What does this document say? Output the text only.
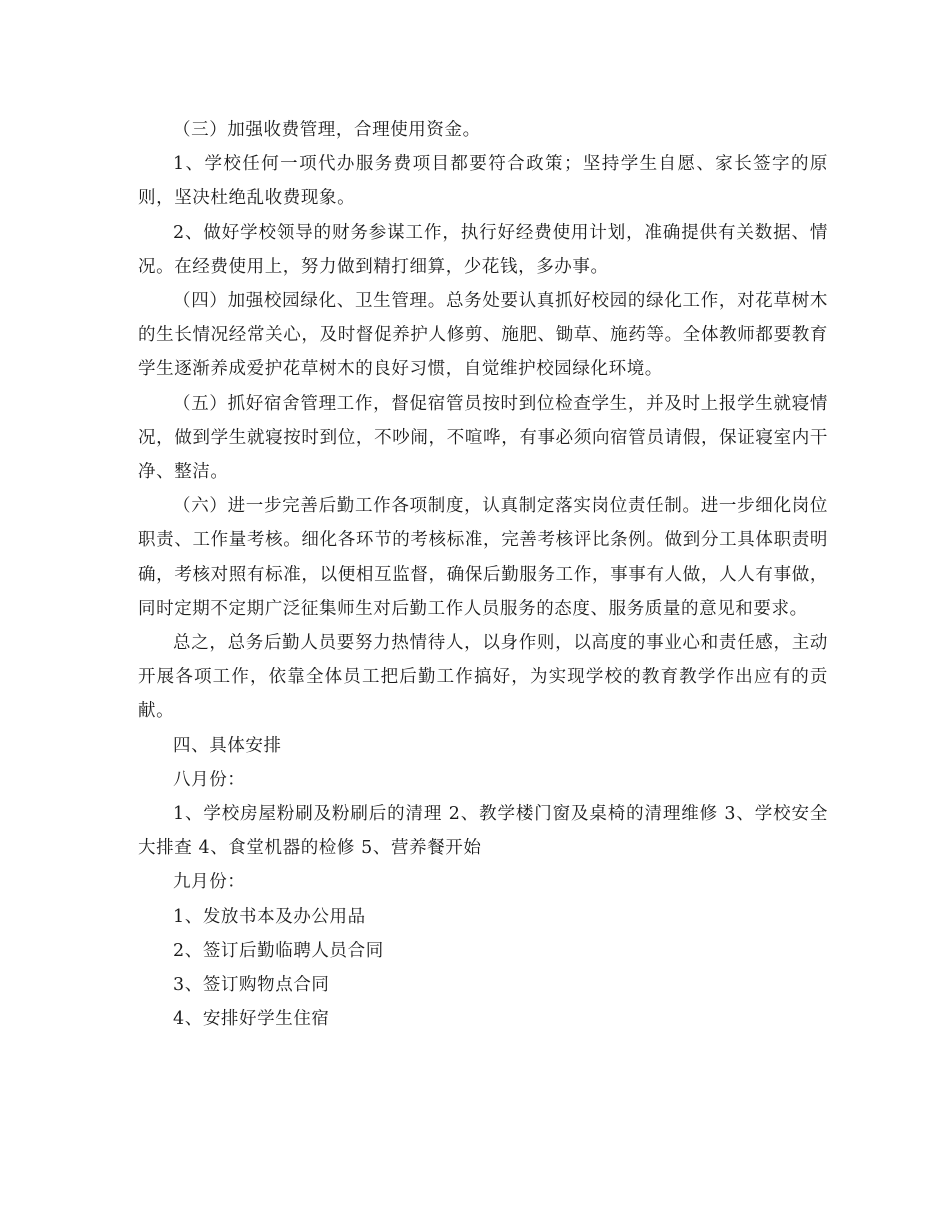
（三）加强收费管理，合理使用资金。

1、学校任何一项代办服务费项目都要符合政策；坚持学生自愿、家长签字的原则，坚决杜绝乱收费现象。

2、做好学校领导的财务参谋工作，执行好经费使用计划，准确提供有关数据、情况。在经费使用上，努力做到精打细算，少花钱，多办事。

（四）加强校园绿化、卫生管理。总务处要认真抓好校园的绿化工作，对花草树木的生长情况经常关心，及时督促养护人修剪、施肥、锄草、施药等。全体教师都要教育学生逐渐养成爱护花草树木的良好习惯，自觉维护校园绿化环境。

（五）抓好宿舍管理工作，督促宿管员按时到位检查学生，并及时上报学生就寝情况，做到学生就寝按时到位，不吵闹，不喧哗，有事必须向宿管员请假，保证寝室内干净、整洁。

（六）进一步完善后勤工作各项制度，认真制定落实岗位责任制。进一步细化岗位职责、工作量考核。细化各环节的考核标准，完善考核评比条例。做到分工具体职责明确，考核对照有标准，以便相互监督，确保后勤服务工作，事事有人做，人人有事做，同时定期不定期广泛征集师生对后勤工作人员服务的态度、服务质量的意见和要求。

总之，总务后勤人员要努力热情待人，以身作则，以高度的事业心和责任感，主动开展各项工作，依靠全体员工把后勤工作搞好，为实现学校的教育教学作出应有的贡献。

四、具体安排

八月份：

1、学校房屋粉刷及粉刷后的清理 2、教学楼门窗及桌椅的清理维修 3、学校安全大排查 4、食堂机器的检修 5、营养餐开始

九月份：

1、发放书本及办公用品

2、签订后勤临聘人员合同

3、签订购物点合同

4、安排好学生住宿
